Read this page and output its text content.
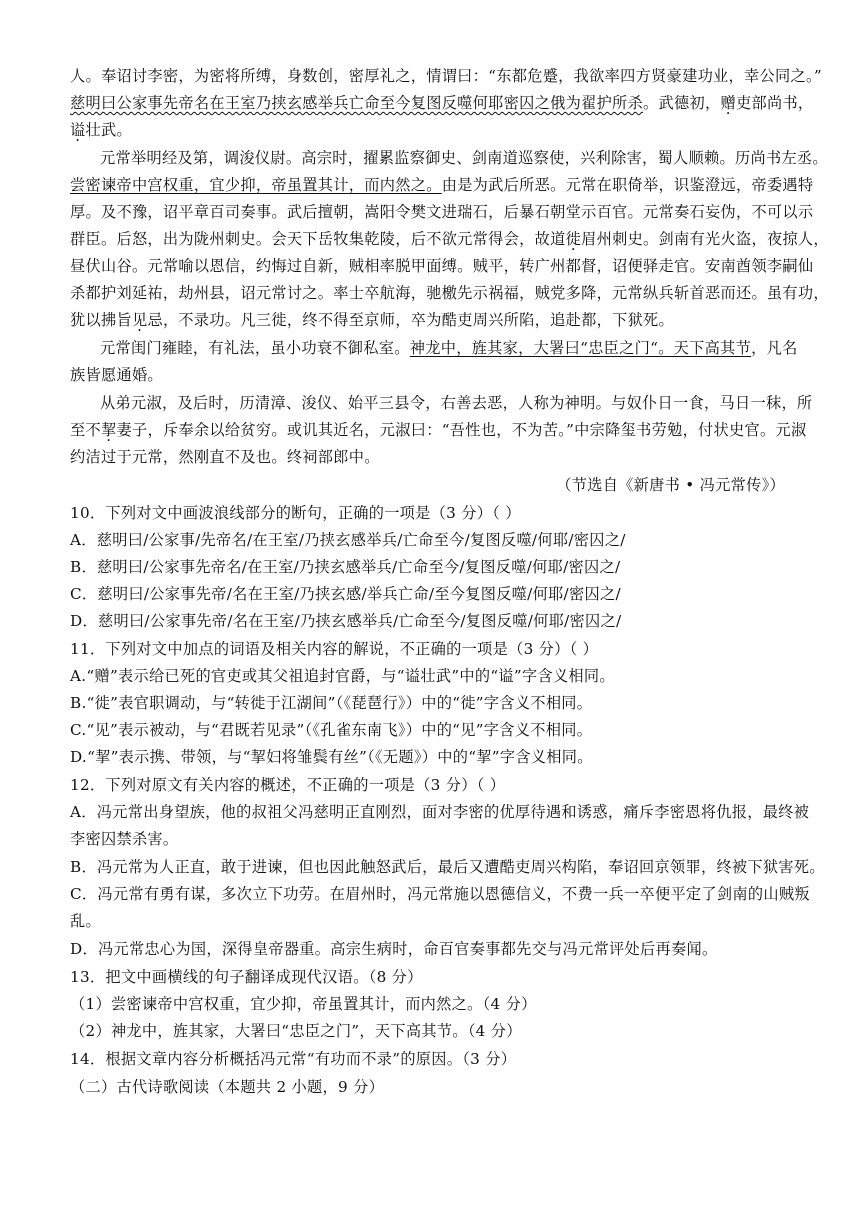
人。奉诏讨李密，为密将所缚，身数创，密厚礼之，情谓曰：“东都危蹙，我欲率四方贤豪建功业，幸公同之。”
慈明曰公家事先帝名在王室乃挟玄感举兵亡命至今复图反噬何耶密囚之俄为翟护所杀。武德初，赠吏部尚书，
谥壮武。
元常举明经及第，调浚仪尉。高宗时，擢累监察御史、剑南道巡察使，兴利除害，蜀人顺赖。历尚书左丞。
尝密谏帝中宫权重，宜少抑，帝虽置其计，而内然之。由是为武后所恶。元常在职倚举，识鉴澄远，帝委遇特
厚。及不豫，诏平章百司奏事。武后擅朝，嵩阳令樊文进瑞石，后暴石朝堂示百官。元常奏石妄伪，不可以示
群臣。后怒，出为陇州刺史。会天下岳牧集乾陵，后不欲元常得会，故道徙眉州刺史。剑南有光火盗，夜掠人，
昼伏山谷。元常喻以恩信，约悔过自新，贼相率脱甲面缚。贼平，转广州都督，诏便驿走官。安南酋领李嗣仙
杀都护刘延祐，劫州县，诏元常讨之。率士卒航海，驰檄先示祸福，贼党多降，元常纵兵斩首恶而还。虽有功，
犹以拂旨见忌，不录功。凡三徙，终不得至京师，卒为酷吏周兴所陷，追赴都，下狱死。
元常闺门雍睦，有礼法，虽小功衰不御私室。神龙中，旌其家，大署曰“忠臣之门“。天下高其节，凡名
族皆愿通婚。
从弟元淑，及后时，历清漳、浚仪、始平三县令，右善去恶，人称为神明。与奴仆日一食，马日一秣，所
至不挈妻子，斥奉余以给贫穷。或讥其近名，元淑曰：“吾性也，不为苦。”中宗降玺书劳勉，付状史官。元淑
约洁过于元常，然刚直不及也。终祠部郎中。
（节选自《新唐书 • 冯元常传》）
10．下列对文中画波浪线部分的断句，正确的一项是（3 分）（ ）
A．慈明曰/公家事/先帝名/在王室/乃挟玄感举兵/亡命至今/复图反噬/何耶/密囚之/
B．慈明曰/公家事先帝名/在王室/乃挟玄感举兵/亡命至今/复图反噬/何耶/密囚之/
C．慈明曰/公家事先帝/名在王室/乃挟玄感/举兵亡命/至今复图反噬/何耶/密囚之/
D．慈明曰/公家事先帝/名在王室/乃挟玄感举兵/亡命至今/复图反噬/何耶/密囚之/
11．下列对文中加点的词语及相关内容的解说，不正确的一项是（3 分）（ ）
A.“赠”表示给已死的官吏或其父祖追封官爵，与“谥壮武”中的“谥”字含义相同。
B.“徙”表官职调动，与“转徙于江湖间”（《琵琶行》）中的“徙”字含义不相同。
C.“见”表示被动，与“君既若见录”（《孔雀东南飞》）中的“见”字含义不相同。
D.“挈”表示携、带领，与“挈妇将雏鬓有丝”（《无题》）中的“挈”字含义相同。
12．下列对原文有关内容的概述，不正确的一项是（3 分）（ ）
A．冯元常出身望族，他的叔祖父冯慈明正直刚烈，面对李密的优厚待遇和诱惑，痛斥李密恩将仇报，最终被
李密囚禁杀害。
B．冯元常为人正直，敢于进谏，但也因此触怒武后，最后又遭酷吏周兴构陷，奉诏回京领罪，终被下狱害死。
C．冯元常有勇有谋，多次立下功劳。在眉州时，冯元常施以恩德信义，不费一兵一卒便平定了剑南的山贼叛
乱。
D．冯元常忠心为国，深得皇帝器重。高宗生病时，命百官奏事都先交与冯元常评处后再奏闻。
13．把文中画横线的句子翻译成现代汉语。（8 分）
（1）尝密谏帝中宫权重，宜少抑，帝虽置其计，而内然之。（4 分）
（2）神龙中，旌其家，大署曰“忠臣之门”，天下高其节。（4 分）
14．根据文章内容分析概括冯元常“有功而不录”的原因。（3 分）
（二）古代诗歌阅读（本题共 2 小题，9 分）
